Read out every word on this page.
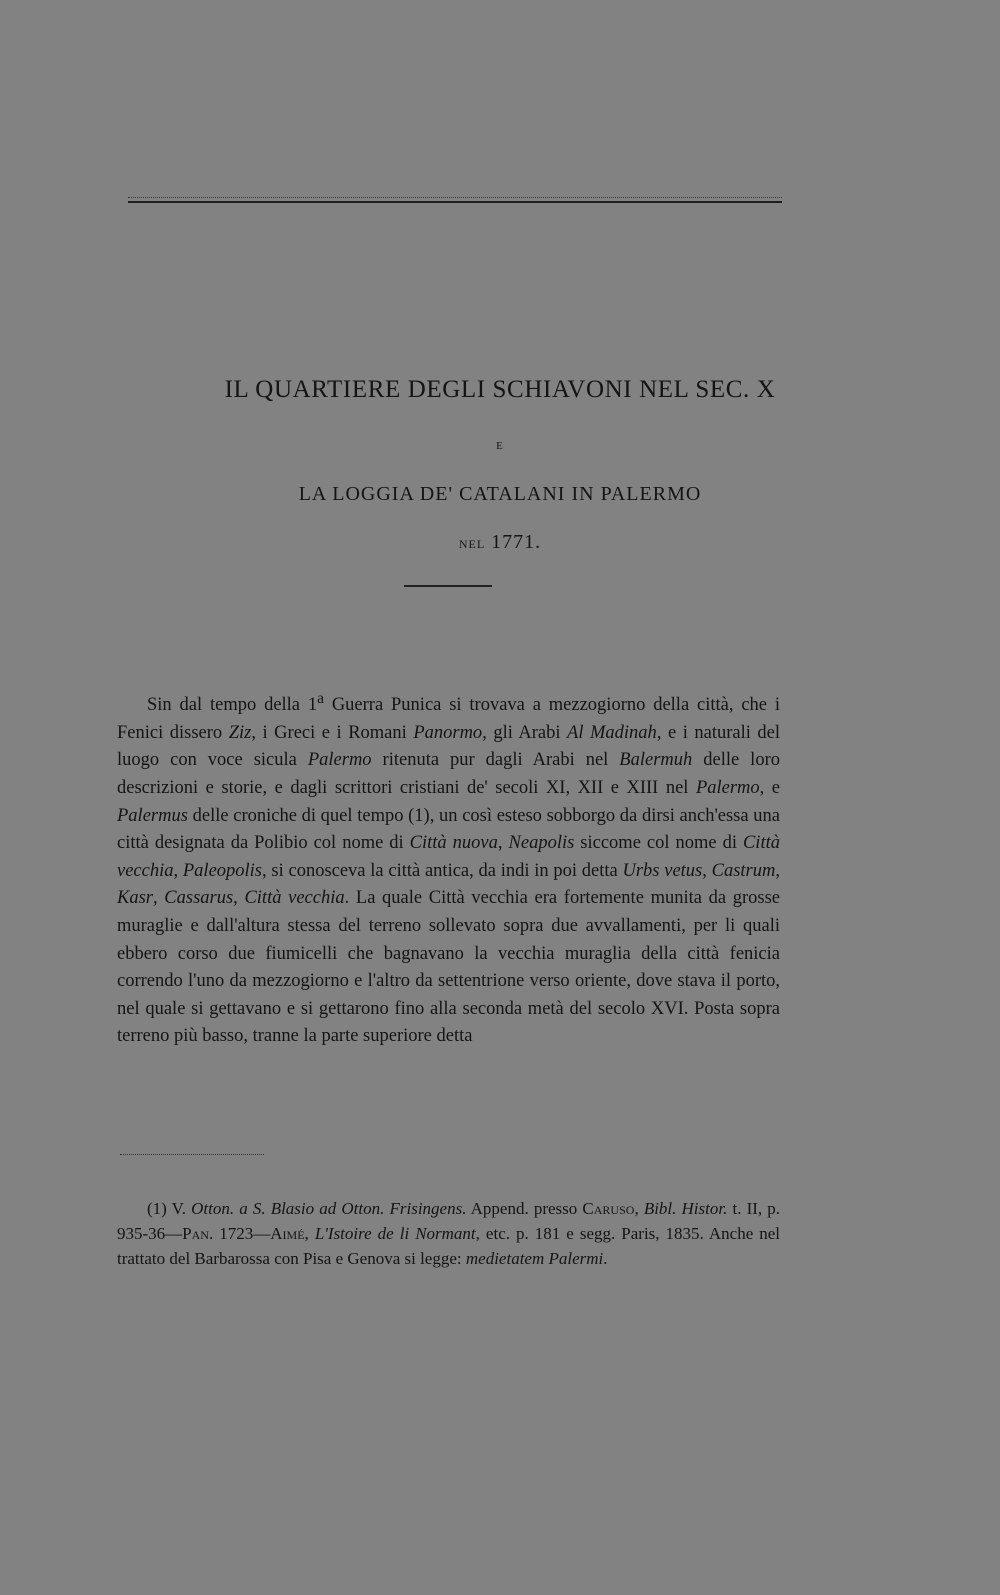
IL QUARTIERE DEGLI SCHIAVONI NEL SEC. X
E
LA LOGGIA DE' CATALANI IN PALERMO
NEL 1771.

Sin dal tempo della 1$^a$ Guerra Punica si trovava a mezzogiorno della città, che i Fenici dissero Ziz, i Greci e i Romani Panormo, gli Arabi Al Madinah, e i naturali del luogo con voce sicula Palermo ritenuta pur dagli Arabi nel Balermuh delle loro descrizioni e storie, e dagli scrittori cristiani de' secoli XI, XII e XIII nel Palermo, e Palermus delle croniche di quel tempo (1), un così esteso sobborgo da dirsi anch'essa una città designata da Polibio col nome di Città nuova, Neapolis siccome col nome di Città vecchia, Paleopolis, si conosceva la città antica, da indi in poi detta Urbs vetus, Castrum, Kasr, Cassarus, Città vecchia. La quale Città vecchia era fortemente munita da grosse muraglie e dall'altura stessa del terreno sollevato sopra due avvallamenti, per li quali ebbero corso due fiumicelli che bagnavano la vecchia muraglia della città fenicia correndo l'uno da mezzogiorno e l'altro da settentrione verso oriente, dove stava il porto, nel quale si gettavano e si gettarono fino alla seconda metà del secolo XVI. Posta sopra terreno più basso, tranne la parte superiore detta

(1) V. Otton. a S. Blasio ad Otton. Frisingens. Append. presso Caruso, Bibl. Histor. t. II, p. 935-36—Pan. 1723—Aimé, L'Istoire de li Normant, etc. p. 181 e segg. Paris, 1835. Anche nel trattato del Barbarossa con Pisa e Genova si legge: medietatem Palermi.
